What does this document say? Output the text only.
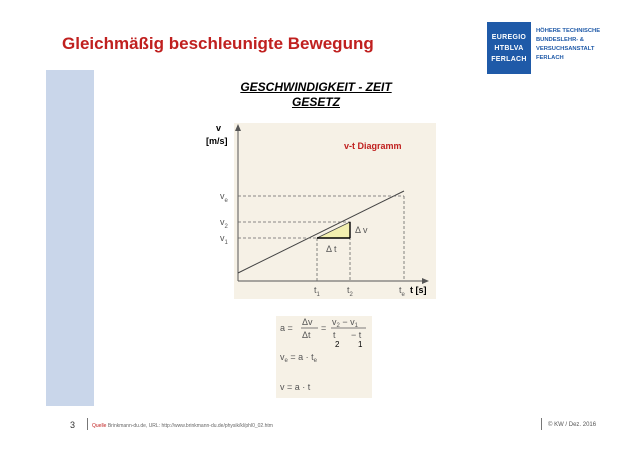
Gleichmäßig beschleunigte Bewegung	EUREGIO
HTBLVA
FERLACH
HÖHERE TECHNISCHE
BUNDESLEHR- &
VERSUCHSANSTALT
FERLACH
GESCHWINDIGKEIT - ZEIT
GESETZ
v-t Diagramm
v
[m/s]
t [s]
$v_e$
$v_2$
$v_1$
$t_1$	$t_2$	$t_e$
Δ v
Δ t
a =
Δv
Δt
=
$v_2 - v_1$
t − t
2 1
$v_e = a \cdot t_e$
v = a · t
3	Quelle Brinkmann-du.de, URL: http://www.brinkmann-du.de/physik/kl/phl0_02.htm	© KW / Dez. 2016
